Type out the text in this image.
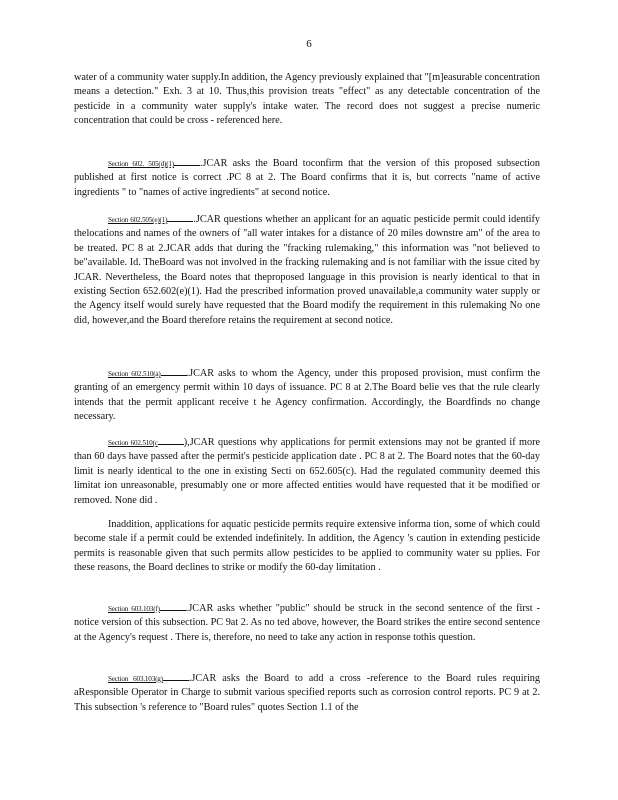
6

water of a community water supply.In addition, the Agency previously explained that "[m]easurable concentration means a detection." Exh. 3 at 10. Thus,this provision treats "effect" as any detectable concentration of the pesticide in a community water supply's intake water. The record does not suggest a precise numeric concentration that could be cross - referenced here.

Section 602. 505(d)(1)	.JCAR asks the Board toconfirm that the version of this proposed subsection published at first notice is correct .PC 8 at 2. The Board confirms that it is, but corrects "name of active ingredients " to "names of active ingredients" at second notice.

Section 602.505(e)(1)	.JCAR questions whether an applicant for an aquatic pesticide permit could identify thelocations and names of the owners of "all water intakes for a distance of 20 miles downstre am" of the area to be treated. PC 8 at 2.JCAR adds that during the "fracking rulemaking," this information was "not believed to be"available. Id. TheBoard was not involved in the fracking rulemaking and is not familiar with the issue cited by JCAR. Nevertheless, the Board notes that theproposed language in this provision is nearly identical to that in existing Section 652.602(e)(1). Had the prescribed information proved unavailable,a community water supply or the Agency itself would surely have requested that the Board modify the requirement in this rulemaking No one did, however,and the Board therefore retains the requirement at second notice.

Section 602.510(a)	.JCAR asks to whom the Agency, under this proposed provision, must confirm the granting of an emergency permit within 10 days of issuance. PC 8 at 2.The Board belie ves that the rule clearly intends that the permit applicant receive t he Agency confirmation. Accordingly, the Boardfinds no change necessary.

Section 602.510(c	),JCAR questions why applications for permit extensions may not be granted if more than 60 days have passed after the permit's pesticide application date . PC 8 at 2. The Board notes that the 60-day limit is nearly identical to the one in existing Secti on 652.605(c). Had the regulated community deemed this limitat ion unreasonable, presumably one or more affected entities would have requested that it be modified or removed. None did .

Inaddition, applications for aquatic pesticide permits require extensive informa tion, some of which could become stale if a permit could be extended indefinitely. In addition, the Agency 's caution in extending pesticide permits is reasonable given that such permits allow pesticides to be applied to community water su pplies. For these reasons, the Board declines to strike or modify the 60-day limitation .

Section 603.103(f)	.JCAR asks whether "public" should be struck in the second sentence of the first -notice version of this subsection. PC 9at 2. As no ted above, however, the Board strikes the entire second sentence at the Agency's request . There is, therefore, no need to take any action in response tothis question.

Section 603.103(g)	.JCAR asks the Board to add a cross -reference to the Board rules requiring aResponsible Operator in Charge to submit various specified reports such as corrosion control reports. PC 9 at 2. This subsection 's reference to "Board rules" quotes Section 1.1 of the
